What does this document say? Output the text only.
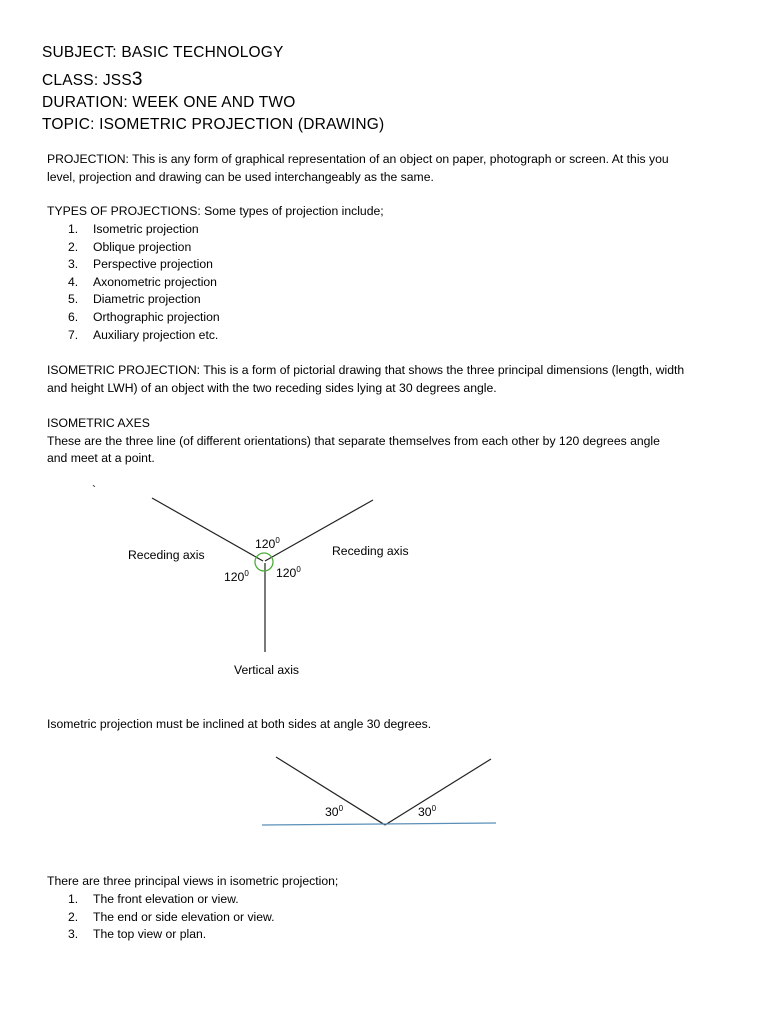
SUBJECT: BASIC TECHNOLOGY
CLASS: JSS3
DURATION: WEEK ONE AND TWO
TOPIC: ISOMETRIC PROJECTION (DRAWING)
PROJECTION: This is any form of graphical representation of an object on paper, photograph or screen. At this you
level, projection and drawing can be used interchangeably as the same.
TYPES OF PROJECTIONS: Some types of projection include;
1. Isometric projection
2. Oblique projection
3. Perspective projection
4. Axonometric projection
5. Diametric projection
6. Orthographic projection
7. Auxiliary projection etc.
ISOMETRIC PROJECTION: This is a form of pictorial drawing that shows the three principal dimensions (length, width
and height LWH) of an object with the two receding sides lying at 30 degrees angle.
ISOMETRIC AXES
These are the three line (of different orientations) that separate themselves from each other by 120 degrees angle
and meet at a point.
`
Receding axis	Receding axis
Vertical axis
$120^0$
$120^0$ $120^0$
Isometric projection must be inclined at both sides at angle 30 degrees.
$30^0$	$30^0$
There are three principal views in isometric projection;
1. The front elevation or view.
2. The end or side elevation or view.
3. The top view or plan.
